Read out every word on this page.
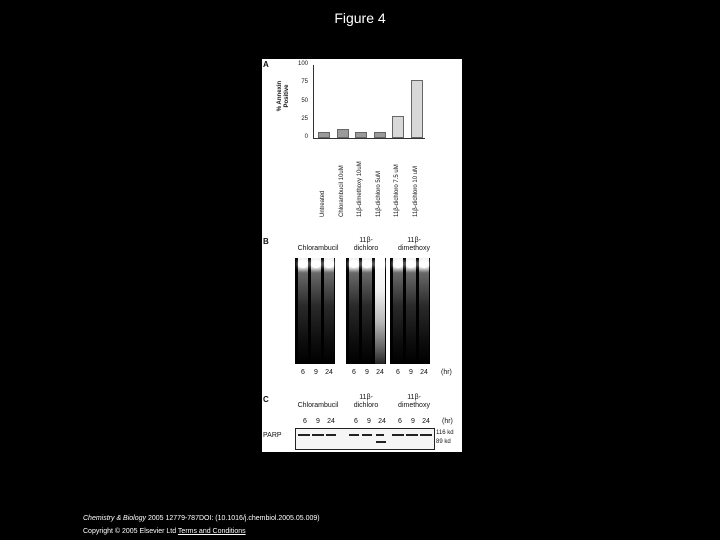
Figure 4
A
% Annexin Positive
100
75
50
25
0
Untreated Chlorambucil 10uM 11β-dimethoxy 10uM 11β-dichloro 5uM 11β-dichloro 7.5 uM 11β-dichloro 10 uM
B

Chlorambucil
11β-
dichloro
11β-
dimethoxy
6	9	24	6	9	24	6	9	24	(hr)
C

Chlorambucil
11β-
dichloro
11β-
dimethoxy
6	9	24	6	9	24	6	9	24	(hr)
PARP	116 kd
89 kd
Chemistry & Biology 2005 12779-787DOI: (10.1016/j.chembiol.2005.05.009)
Copyright © 2005 Elsevier Ltd Terms and Conditions
